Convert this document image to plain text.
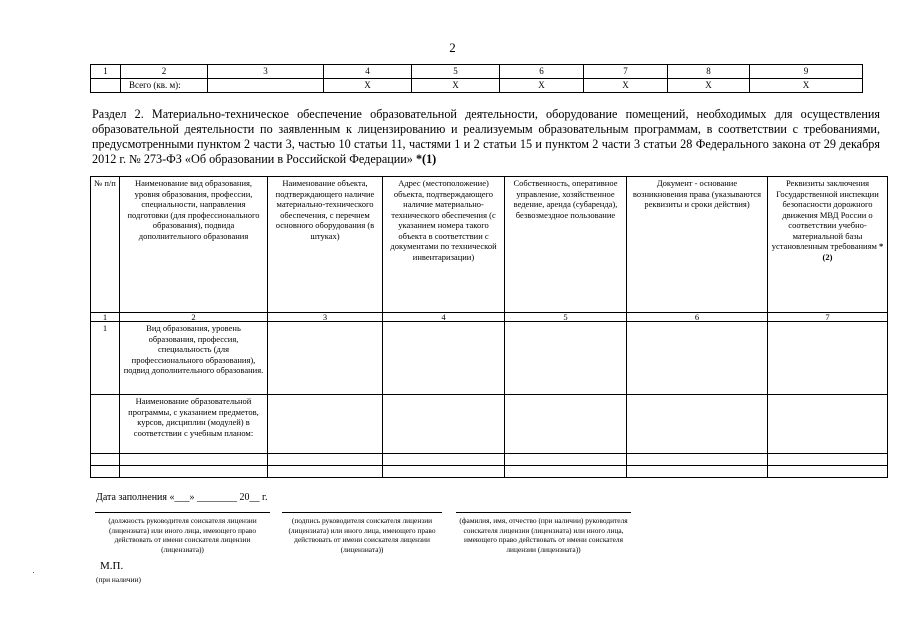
2
1	2	3	4	5	6	7	8	9
	Всего (кв. м):		X	X	X	X	X	X
Раздел 2. Материально-техническое обеспечение образовательной деятельности, оборудование помещений, необходимых для осуществления образовательной деятельности по заявленным к лицензированию и реализуемым образовательным программам, в соответствии с требованиями, предусмотренными пунктом 2 части 3, частью 10 статьи 11, частями 1 и 2 статьи 15 и пунктом 2 части 3 статьи 28 Федерального закона от 29 декабря 2012 г. № 273-ФЗ «Об образовании в Российской Федерации» *(1)
№ п/п	Наименование вид образования, уровня образования, профессии, специальности, направления подготовки (для профессионального образования), подвида дополнительного образования	Наименование объекта, подтверждающего наличие материально-технического обеспечения, с перечнем основного оборудования (в штуках)	Адрес (местоположение) объекта, подтверждающего наличие материально-технического обеспечения (с указанием номера такого объекта в соответствии с документами по технической инвентаризации)	Собственность, оперативное управление, хозяйственное ведение, аренда (субаренда), безвозмездное пользование	Документ - основание возникновения права (указываются реквизиты и сроки действия)	Реквизиты заключения Государственной инспекции безопасности дорожного движения МВД России о соответствии учебно-материальной базы установленным требованиям *(2)
1	2	3	4	5	6	7
1	Вид образования, уровень образования, профессия, специальность (для профессионального образования), подвид дополнительного образования.					
	Наименование образовательной программы, с указанием предметов, курсов, дисциплин (модулей) в соответствии с учебным планом:					

Дата заполнения «___» ________ 20__ г.
(должность руководителя соискателя лицензии (лицензиата) или иного лица, имеющего право действовать от имени соискателя лицензии (лицензиата))
(подпись руководителя соискателя лицензии (лицензиата) или иного лица, имеющего право действовать от имени соискателя лицензии (лицензиата))
(фамилия, имя, отчество (при наличии) руководителя соискателя лицензии (лицензиата) или иного лица, имеющего право действовать от имени соискателя лицензии (лицензиата))
М.П.
(при наличии)
